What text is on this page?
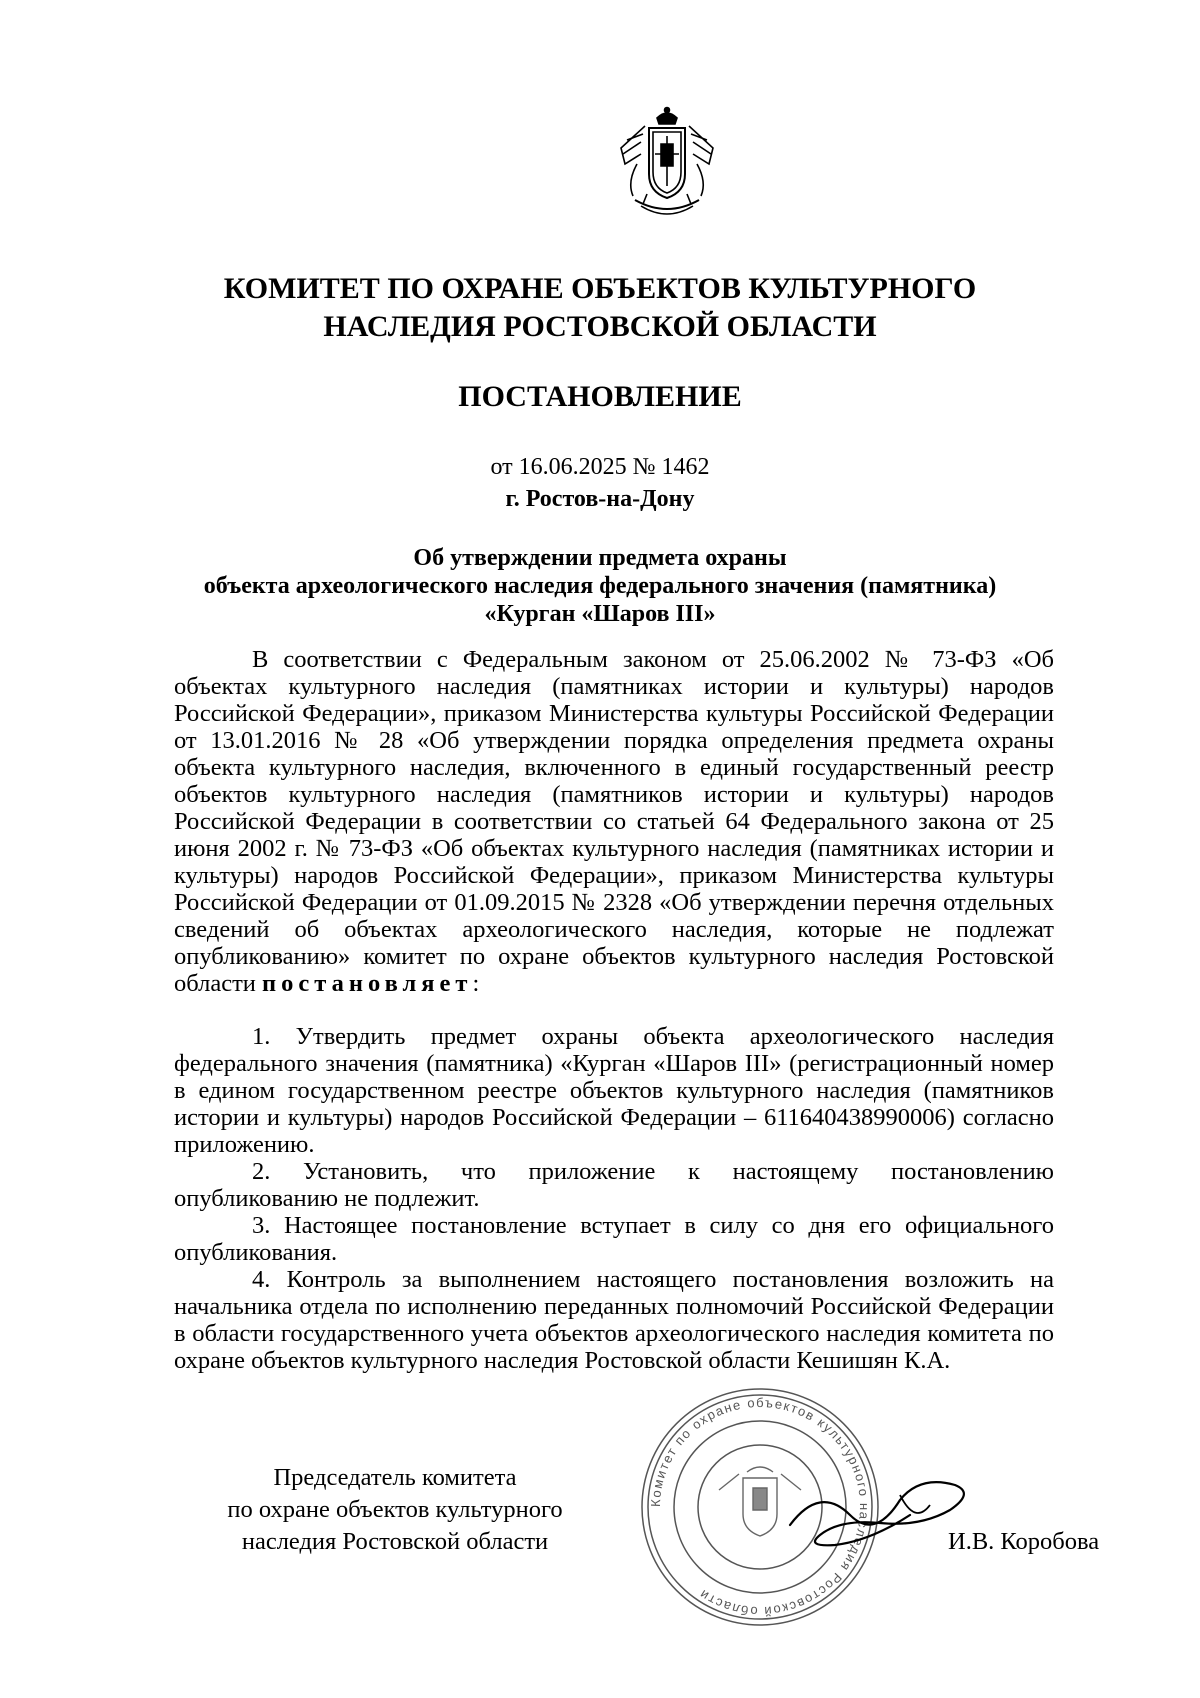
КОМИТЕТ ПО ОХРАНЕ ОБЪЕКТОВ КУЛЬТУРНОГО
НАСЛЕДИЯ РОСТОВСКОЙ ОБЛАСТИ
ПОСТАНОВЛЕНИЕ
от 16.06.2025 № 1462
г. Ростов-на-Дону
Об утверждении предмета охраны
объекта археологического наследия федерального значения (памятника)
«Курган «Шаров III»

В соответствии с Федеральным законом от 25.06.2002 № 73-ФЗ «Об объектах культурного наследия (памятниках истории и культуры) народов Российской Федерации», приказом Министерства культуры Российской Федерации от 13.01.2016 № 28 «Об утверждении порядка определения предмета охраны объекта культурного наследия, включенного в единый государственный реестр объектов культурного наследия (памятников истории и культуры) народов Российской Федерации в соответствии со статьей 64 Федерального закона от 25 июня 2002 г. № 73-ФЗ «Об объектах культурного наследия (памятниках истории и культуры) народов Российской Федерации», приказом Министерства культуры Российской Федерации от 01.09.2015 № 2328 «Об утверждении перечня отдельных сведений об объектах археологического наследия, которые не подлежат опубликованию» комитет по охране объектов культурного наследия Ростовской области постановляет:

1. Утвердить предмет охраны объекта археологического наследия федерального значения (памятника) «Курган «Шаров III» (регистрационный номер в едином государственном реестре объектов культурного наследия (памятников истории и культуры) народов Российской Федерации – 611640438990006) согласно приложению.

2. Установить, что приложение к настоящему постановлению опубликованию не подлежит.

3. Настоящее постановление вступает в силу со дня его официального опубликования.

4. Контроль за выполнением настоящего постановления возложить на начальника отдела по исполнению переданных полномочий Российской Федерации в области государственного учета объектов археологического наследия комитета по охране объектов культурного наследия Ростовской области Кешишян К.А.

Комитет по охране объектов культурного наследия Ростовской области
Председатель комитета
по охране объектов культурного
наследия Ростовской области	И.В. Коробова
